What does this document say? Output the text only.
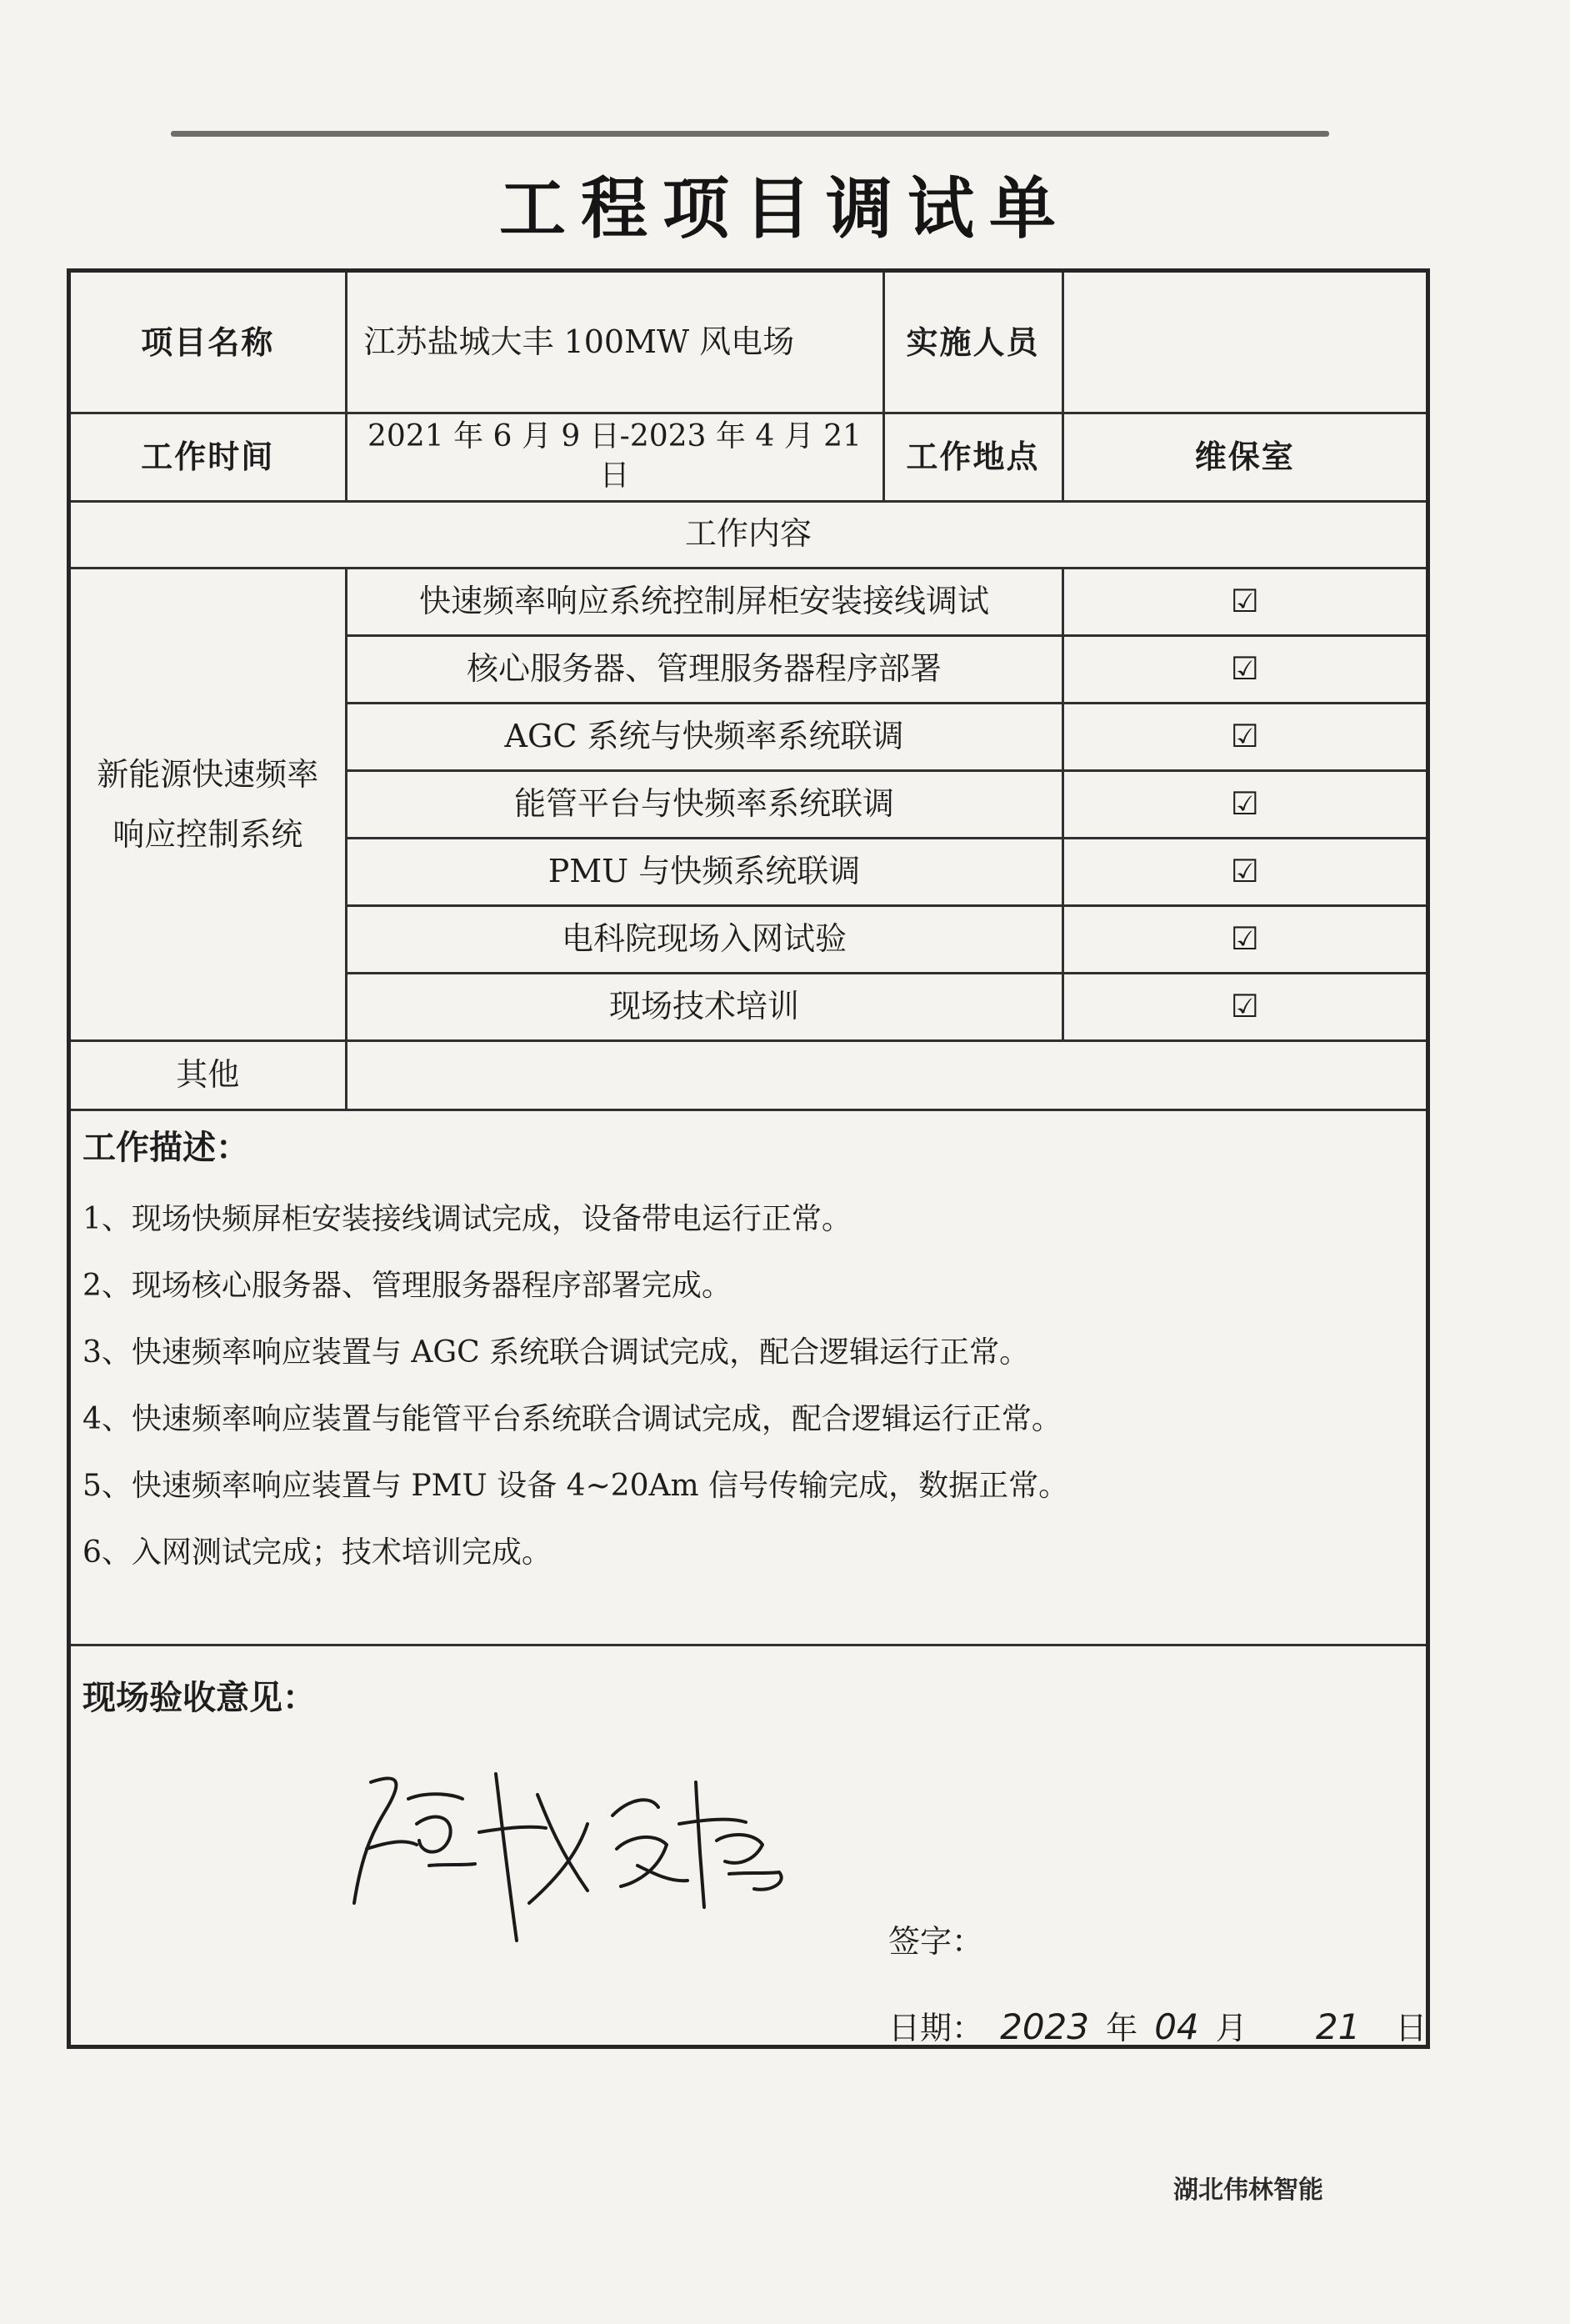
工程项目调试单
项目名称	江苏盐城大丰 100MW 风电场	实施人员	
工作时间	2021 年 6 月 9 日-2023 年 4 月 21 日	工作地点	维保室
工作内容			
新能源快速频率响应控制系统	快速频率响应系统控制屏柜安装接线调试		☑
	核心服务器、管理服务器程序部署		☑
	AGC 系统与快频率系统联调		☑
	能管平台与快频率系统联调		☑
	PMU 与快频系统联调		☑
	电科院现场入网试验		☑
	现场技术培训		☑
其他			
工作描述：
1、现场快频屏柜安装接线调试完成，设备带电运行正常。
2、现场核心服务器、管理服务器程序部署完成。
3、快速频率响应装置与 AGC 系统联合调试完成，配合逻辑运行正常。
4、快速频率响应装置与能管平台系统联合调试完成，配合逻辑运行正常。
5、快速频率响应装置与 PMU 设备 4~20Am 信号传输完成，数据正常。
6、入网测试完成；技术培训完成。
现场验收意见：
签字：
日期： 2023 年 04 月 21 日
湖北伟林智能
